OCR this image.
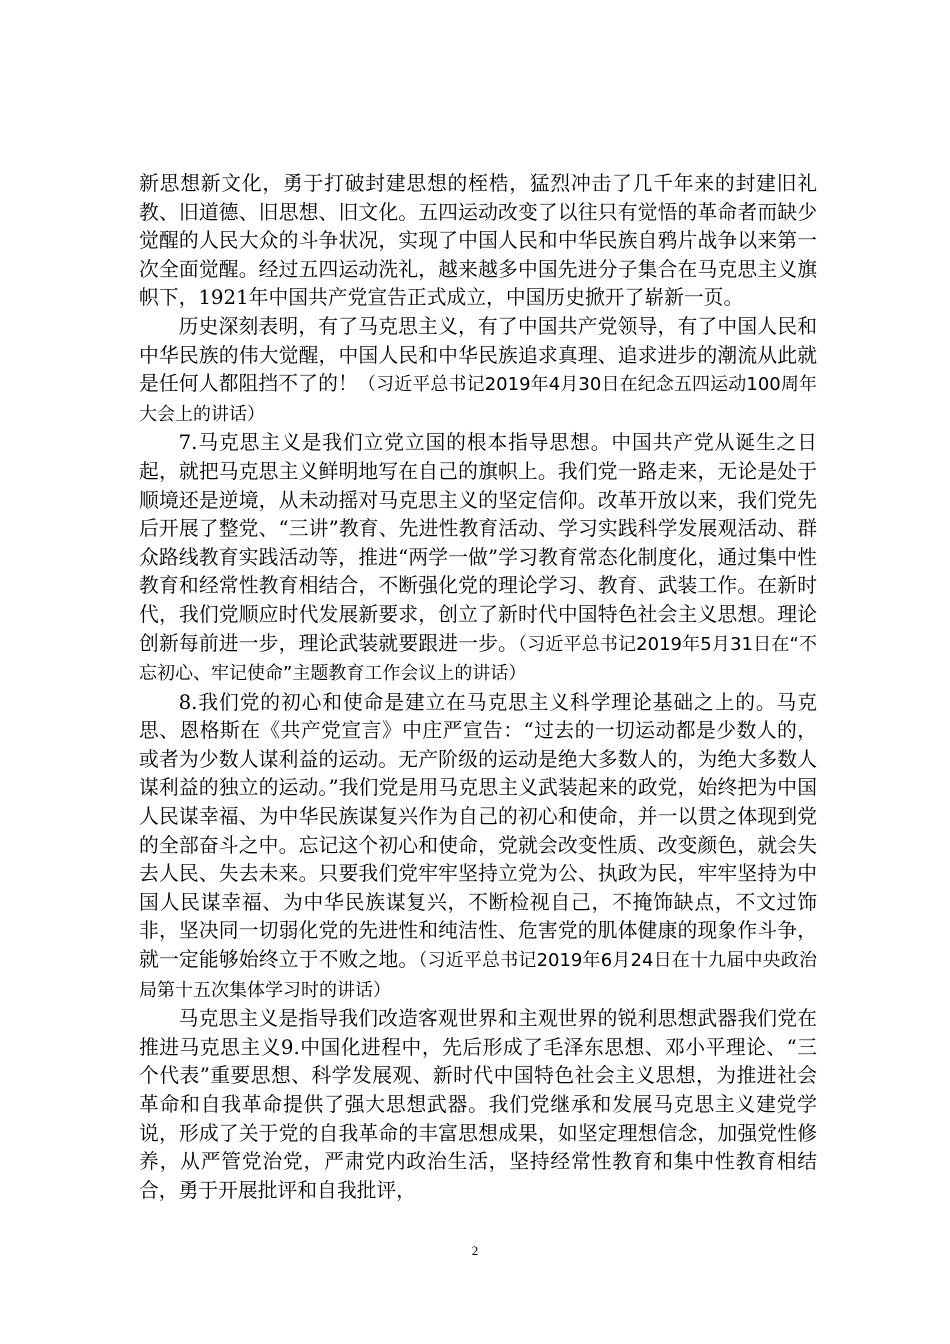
新思想新文化，勇于打破封建思想的桎梏，猛烈冲击了几千年来的封建旧礼教、旧道德、旧思想、旧文化。五四运动改变了以往只有觉悟的革命者而缺少觉醒的人民大众的斗争状况，实现了中国人民和中华民族自鸦片战争以来第一次全面觉醒。经过五四运动洗礼，越来越多中国先进分子集合在马克思主义旗帜下，1921年中国共产党宣告正式成立，中国历史掀开了崭新一页。

历史深刻表明，有了马克思主义，有了中国共产党领导，有了中国人民和中华民族的伟大觉醒，中国人民和中华民族追求真理、追求进步的潮流从此就是任何人都阻挡不了的！（习近平总书记2019年4月30日在纪念五四运动100周年大会上的讲话）

7.马克思主义是我们立党立国的根本指导思想。中国共产党从诞生之日起，就把马克思主义鲜明地写在自己的旗帜上。我们党一路走来，无论是处于顺境还是逆境，从未动摇对马克思主义的坚定信仰。改革开放以来，我们党先后开展了整党、“三讲”教育、先进性教育活动、学习实践科学发展观活动、群众路线教育实践活动等，推进“两学一做”学习教育常态化制度化，通过集中性教育和经常性教育相结合，不断强化党的理论学习、教育、武装工作。在新时代，我们党顺应时代发展新要求，创立了新时代中国特色社会主义思想。理论创新每前进一步，理论武装就要跟进一步。（习近平总书记2019年5月31日在“不忘初心、牢记使命”主题教育工作会议上的讲话）

8.我们党的初心和使命是建立在马克思主义科学理论基础之上的。马克思、恩格斯在《共产党宣言》中庄严宣告：“过去的一切运动都是少数人的，或者为少数人谋利益的运动。无产阶级的运动是绝大多数人的，为绝大多数人谋利益的独立的运动。”我们党是用马克思主义武装起来的政党，始终把为中国人民谋幸福、为中华民族谋复兴作为自己的初心和使命，并一以贯之体现到党的全部奋斗之中。忘记这个初心和使命，党就会改变性质、改变颜色，就会失去人民、失去未来。只要我们党牢牢坚持立党为公、执政为民，牢牢坚持为中国人民谋幸福、为中华民族谋复兴，不断检视自己，不掩饰缺点，不文过饰非，坚决同一切弱化党的先进性和纯洁性、危害党的肌体健康的现象作斗争，就一定能够始终立于不败之地。（习近平总书记2019年6月24日在十九届中央政治局第十五次集体学习时的讲话）

马克思主义是指导我们改造客观世界和主观世界的锐利思想武器我们党在推进马克思主义9.中国化进程中，先后形成了毛泽东思想、邓小平理论、“三个代表”重要思想、科学发展观、新时代中国特色社会主义思想，为推进社会革命和自我革命提供了强大思想武器。我们党继承和发展马克思主义建党学说，形成了关于党的自我革命的丰富思想成果，如坚定理想信念，加强党性修养，从严管党治党，严肃党内政治生活，坚持经常性教育和集中性教育相结合，勇于开展批评和自我批评，

2
